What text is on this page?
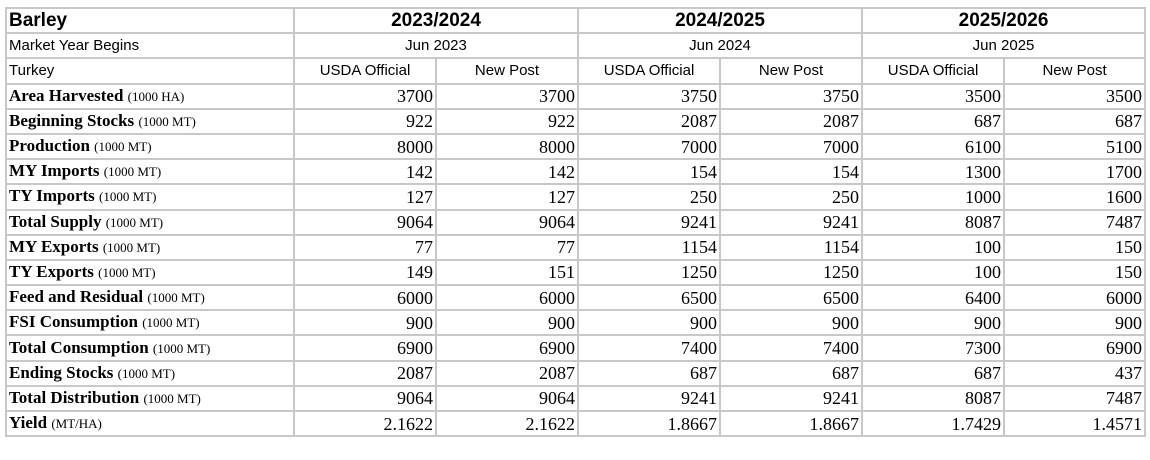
Barley	2023/2024		2024/2025		2025/2026	
Market Year Begins	Jun 2023		Jun 2024		Jun 2025	
Turkey	USDA Official	New Post	USDA Official	New Post	USDA Official	New Post
Area Harvested (1000 HA)	3700	3700	3750	3750	3500	3500
Beginning Stocks (1000 MT)	922	922	2087	2087	687	687
Production (1000 MT)	8000	8000	7000	7000	6100	5100
MY Imports (1000 MT)	142	142	154	154	1300	1700
TY Imports (1000 MT)	127	127	250	250	1000	1600
Total Supply (1000 MT)	9064	9064	9241	9241	8087	7487
MY Exports (1000 MT)	77	77	1154	1154	100	150
TY Exports (1000 MT)	149	151	1250	1250	100	150
Feed and Residual (1000 MT)	6000	6000	6500	6500	6400	6000
FSI Consumption (1000 MT)	900	900	900	900	900	900
Total Consumption (1000 MT)	6900	6900	7400	7400	7300	6900
Ending Stocks (1000 MT)	2087	2087	687	687	687	437
Total Distribution (1000 MT)	9064	9064	9241	9241	8087	7487
Yield (MT/HA)	2.1622	2.1622	1.8667	1.8667	1.7429	1.4571
